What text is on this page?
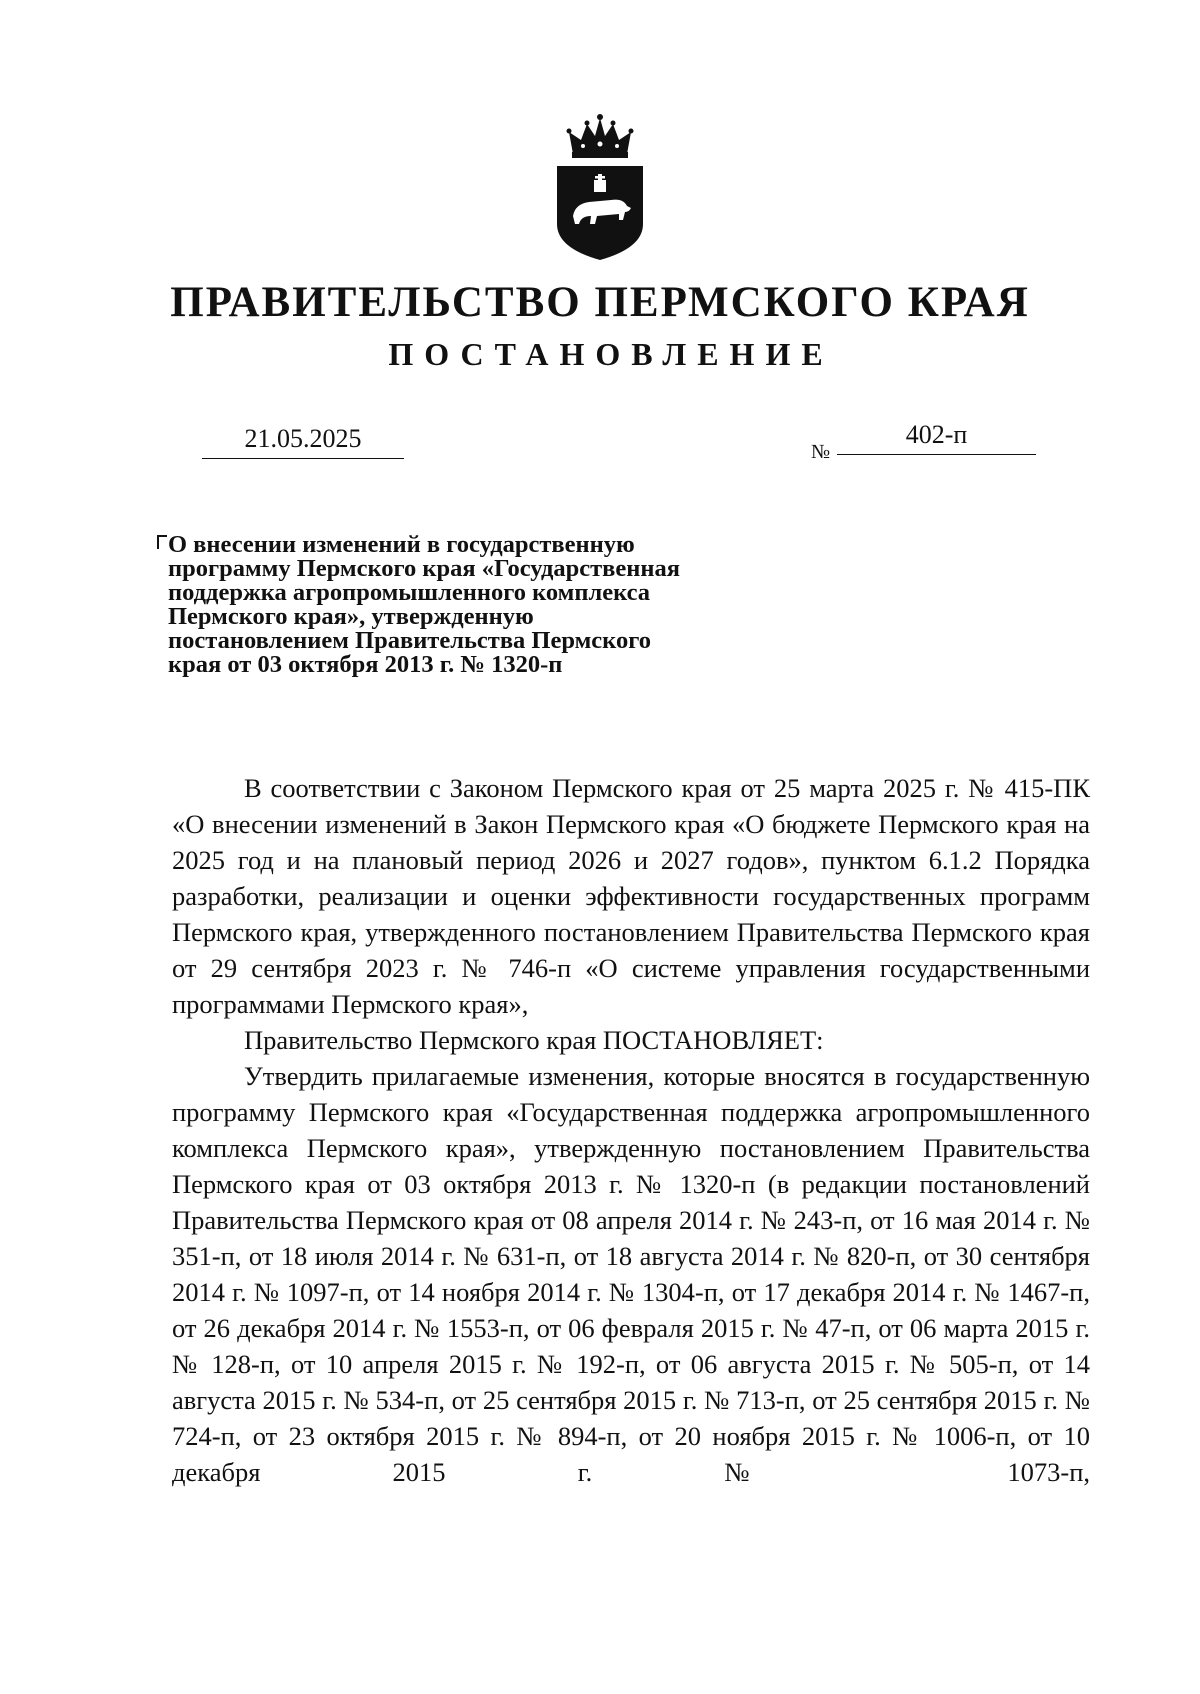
ПРАВИТЕЛЬСТВО ПЕРМСКОГО КРАЯ
ПОСТАНОВЛЕНИЕ
21.05.2025	№
402-п
О внесении изменений в государственную
программу Пермского края «Государственная
поддержка агропромышленного комплекса
Пермского края», утвержденную
постановлением Правительства Пермского
края от 03 октября 2013 г. № 1320-п

В соответствии с Законом Пермского края от 25 марта 2025 г. № 415-ПК «О внесении изменений в Закон Пермского края «О бюджете Пермского края на 2025 год и на плановый период 2026 и 2027 годов», пунктом 6.1.2 Порядка разработки, реализации и оценки эффективности государственных программ Пермского края, утвержденного постановлением Правительства Пермского края от 29 сентября 2023 г. № 746-п «О системе управления государственными программами Пермского края»,

Правительство Пермского края ПОСТАНОВЛЯЕТ:

Утвердить прилагаемые изменения, которые вносятся в государственную программу Пермского края «Государственная поддержка агропромышленного комплекса Пермского края», утвержденную постановлением Правительства Пермского края от 03 октября 2013 г. № 1320-п (в редакции постановлений Правительства Пермского края от 08 апреля 2014 г. № 243-п, от 16 мая 2014 г. № 351-п, от 18 июля 2014 г. № 631-п, от 18 августа 2014 г. № 820-п, от 30 сентября 2014 г. № 1097-п, от 14 ноября 2014 г. № 1304-п, от 17 декабря 2014 г. № 1467-п, от 26 декабря 2014 г. № 1553-п, от 06 февраля 2015 г. № 47-п, от 06 марта 2015 г. № 128-п, от 10 апреля 2015 г. № 192-п, от 06 августа 2015 г. № 505-п, от 14 августа 2015 г. № 534-п, от 25 сентября 2015 г. № 713-п, от 25 сентября 2015 г. № 724-п, от 23 октября 2015 г. № 894-п, от 20 ноября 2015 г. № 1006-п, от 10 декабря 2015 г. № 1073-п,
